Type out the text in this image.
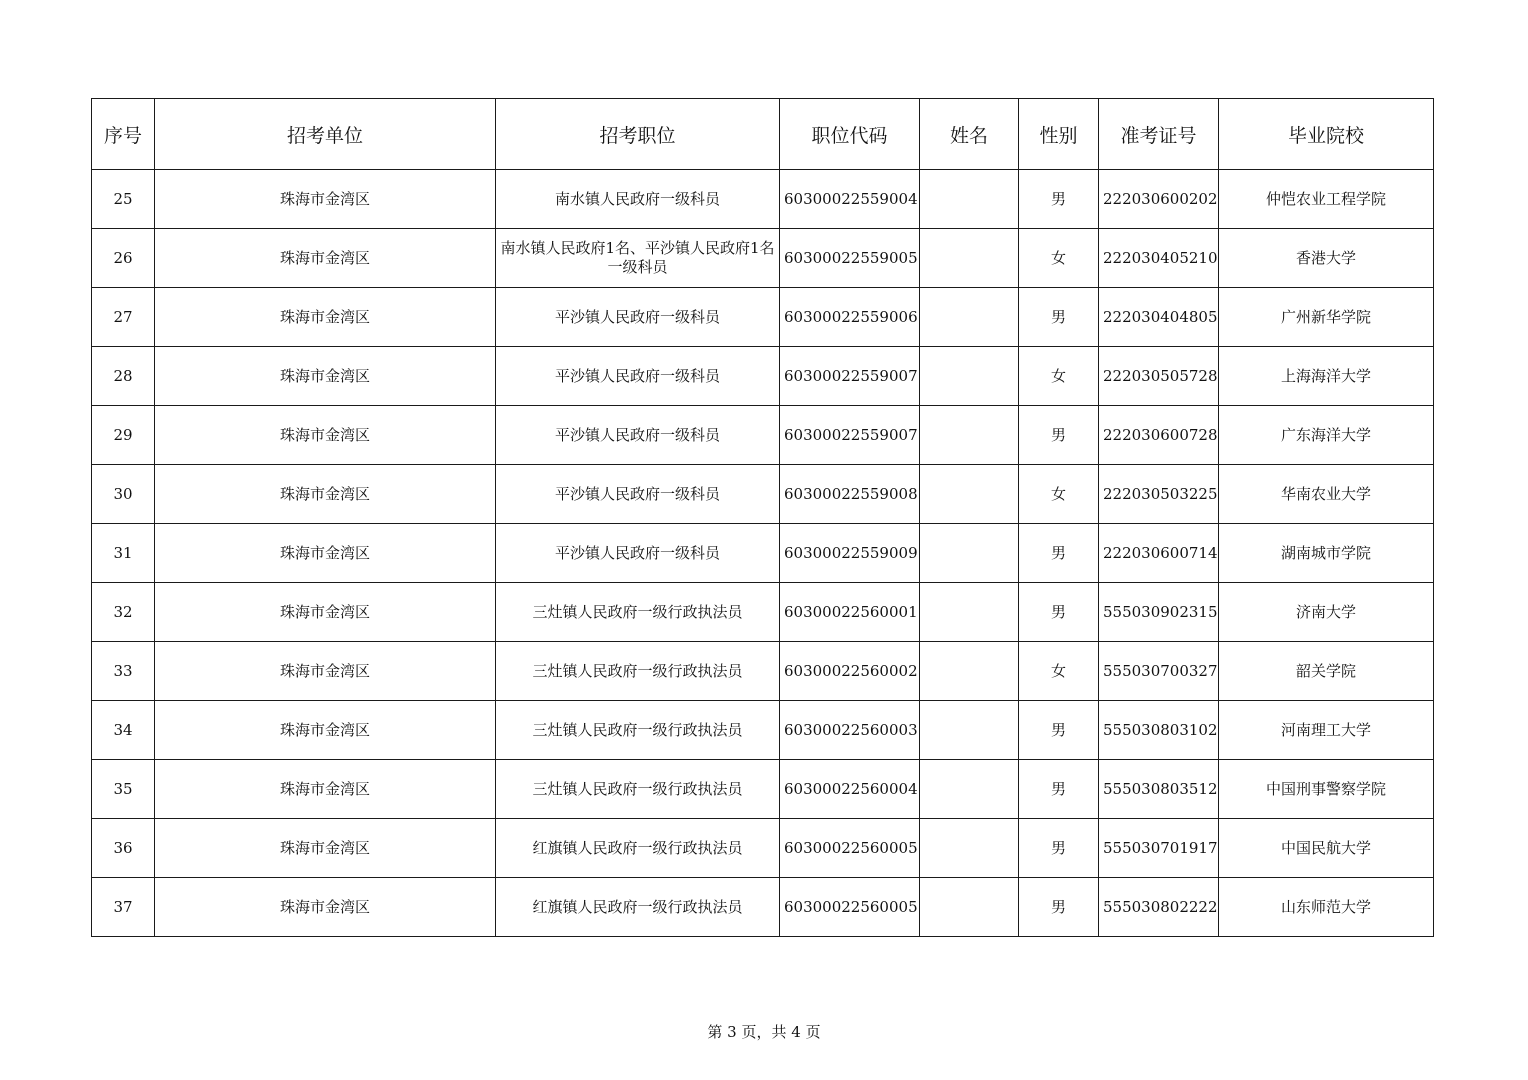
序号	招考单位	招考职位	职位代码	姓名	性别	准考证号	毕业院校
25	珠海市金湾区	南水镇人民政府一级科员	60300022559004		男	222030600202	仲恺农业工程学院
26	珠海市金湾区	南水镇人民政府1名、平沙镇人民政府1名一级科员	60300022559005		女	222030405210	香港大学
27	珠海市金湾区	平沙镇人民政府一级科员	60300022559006		男	222030404805	广州新华学院
28	珠海市金湾区	平沙镇人民政府一级科员	60300022559007		女	222030505728	上海海洋大学
29	珠海市金湾区	平沙镇人民政府一级科员	60300022559007		男	222030600728	广东海洋大学
30	珠海市金湾区	平沙镇人民政府一级科员	60300022559008		女	222030503225	华南农业大学
31	珠海市金湾区	平沙镇人民政府一级科员	60300022559009		男	222030600714	湖南城市学院
32	珠海市金湾区	三灶镇人民政府一级行政执法员	60300022560001		男	555030902315	济南大学
33	珠海市金湾区	三灶镇人民政府一级行政执法员	60300022560002		女	555030700327	韶关学院
34	珠海市金湾区	三灶镇人民政府一级行政执法员	60300022560003		男	555030803102	河南理工大学
35	珠海市金湾区	三灶镇人民政府一级行政执法员	60300022560004		男	555030803512	中国刑事警察学院
36	珠海市金湾区	红旗镇人民政府一级行政执法员	60300022560005		男	555030701917	中国民航大学
37	珠海市金湾区	红旗镇人民政府一级行政执法员	60300022560005		男	555030802222	山东师范大学
第 3 页，共 4 页
